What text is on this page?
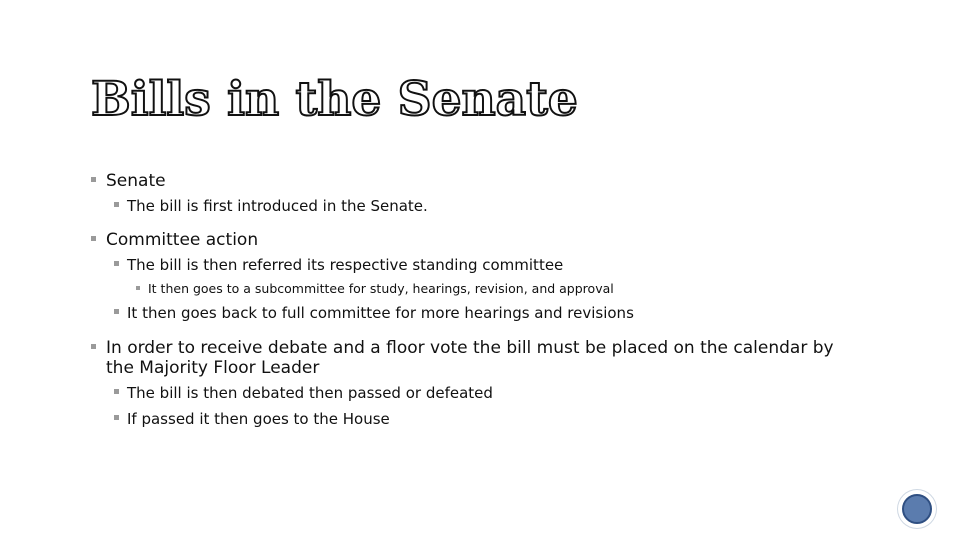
Bills in the Senate
Senate
The bill is first introduced in the Senate.
Committee action
The bill is then referred its respective standing committee
It then goes to a subcommittee for study, hearings, revision, and approval
It then goes back to full committee for more hearings and revisions
In order to receive debate and a floor vote the bill must be placed on the calendar by the Majority Floor Leader
The bill is then debated then passed or defeated
If passed it then goes to the House
